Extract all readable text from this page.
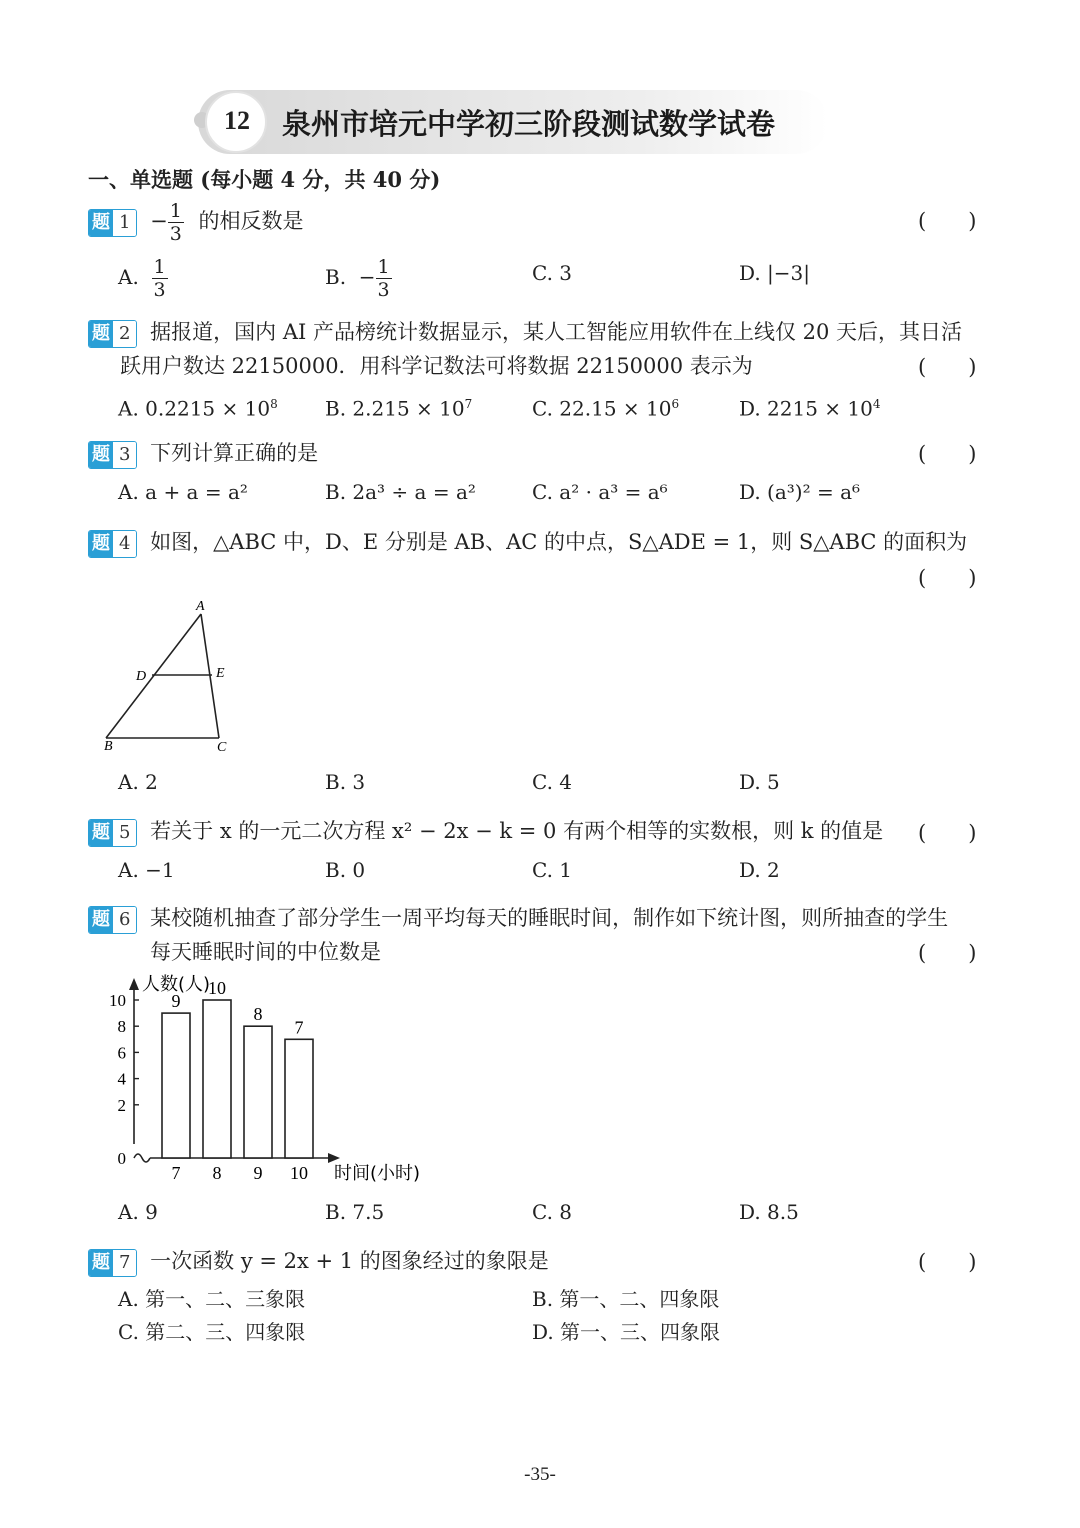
12 泉州市培元中学初三阶段测试数学试卷
一、单选题 (每小题 4 分，共 40 分)
题 $1 - \frac{1}{3}$ 的相反数是	(　　)
A. $\frac{1}{3}$	B. − $\frac{1}{3}$	C. 3	D. |−3|
题 2 据报道，国内 AI 产品榜统计数据显示，某人工智能应用软件在上线仅 20 天后，其日活
跃用户数达 22150000．用科学记数法可将数据 22150000 表示为	(　　)
A. $0.2215 \times 10^8$ B. $2.215 \times 10^7$	C. $22.15 \times 10^6$	D. $2215 \times 10^4$
题 3 下列计算正确的是	(　　)
A. a + a = a²	B. 2a³ ÷ a = a²	C. a² · a³ = a⁶	D. (a³)² = a⁶
题 4 如图，△ABC 中，D、E 分别是 AB、AC 的中点，S△ADE = 1，则 S△ABC 的面积为
(　　)
A
D	E
B	C
A. 2	B. 3	C. 4	D. 5
题 5 若关于 x 的一元二次方程 x² − 2x − k = 0 有两个相等的实数根，则 k 的值是 (　　)
A. −1	B. 0	C. 1	D. 2
题 6 某校随机抽查了部分学生一周平均每天的睡眠时间，制作如下统计图，则所抽查的学生
每天睡眠时间的中位数是	(　　)
0
2
4
6
8
10
人数(人)
9
7
10
8
8
9
7
10 时间(小时)
A. 9	B. 7.5	C. 8	D. 8.5
题 7 一次函数 y = 2x + 1 的图象经过的象限是	(　　)
A. 第一、二、三象限	B. 第一、二、四象限
C. 第二、三、四象限	D. 第一、三、四象限
-35-
